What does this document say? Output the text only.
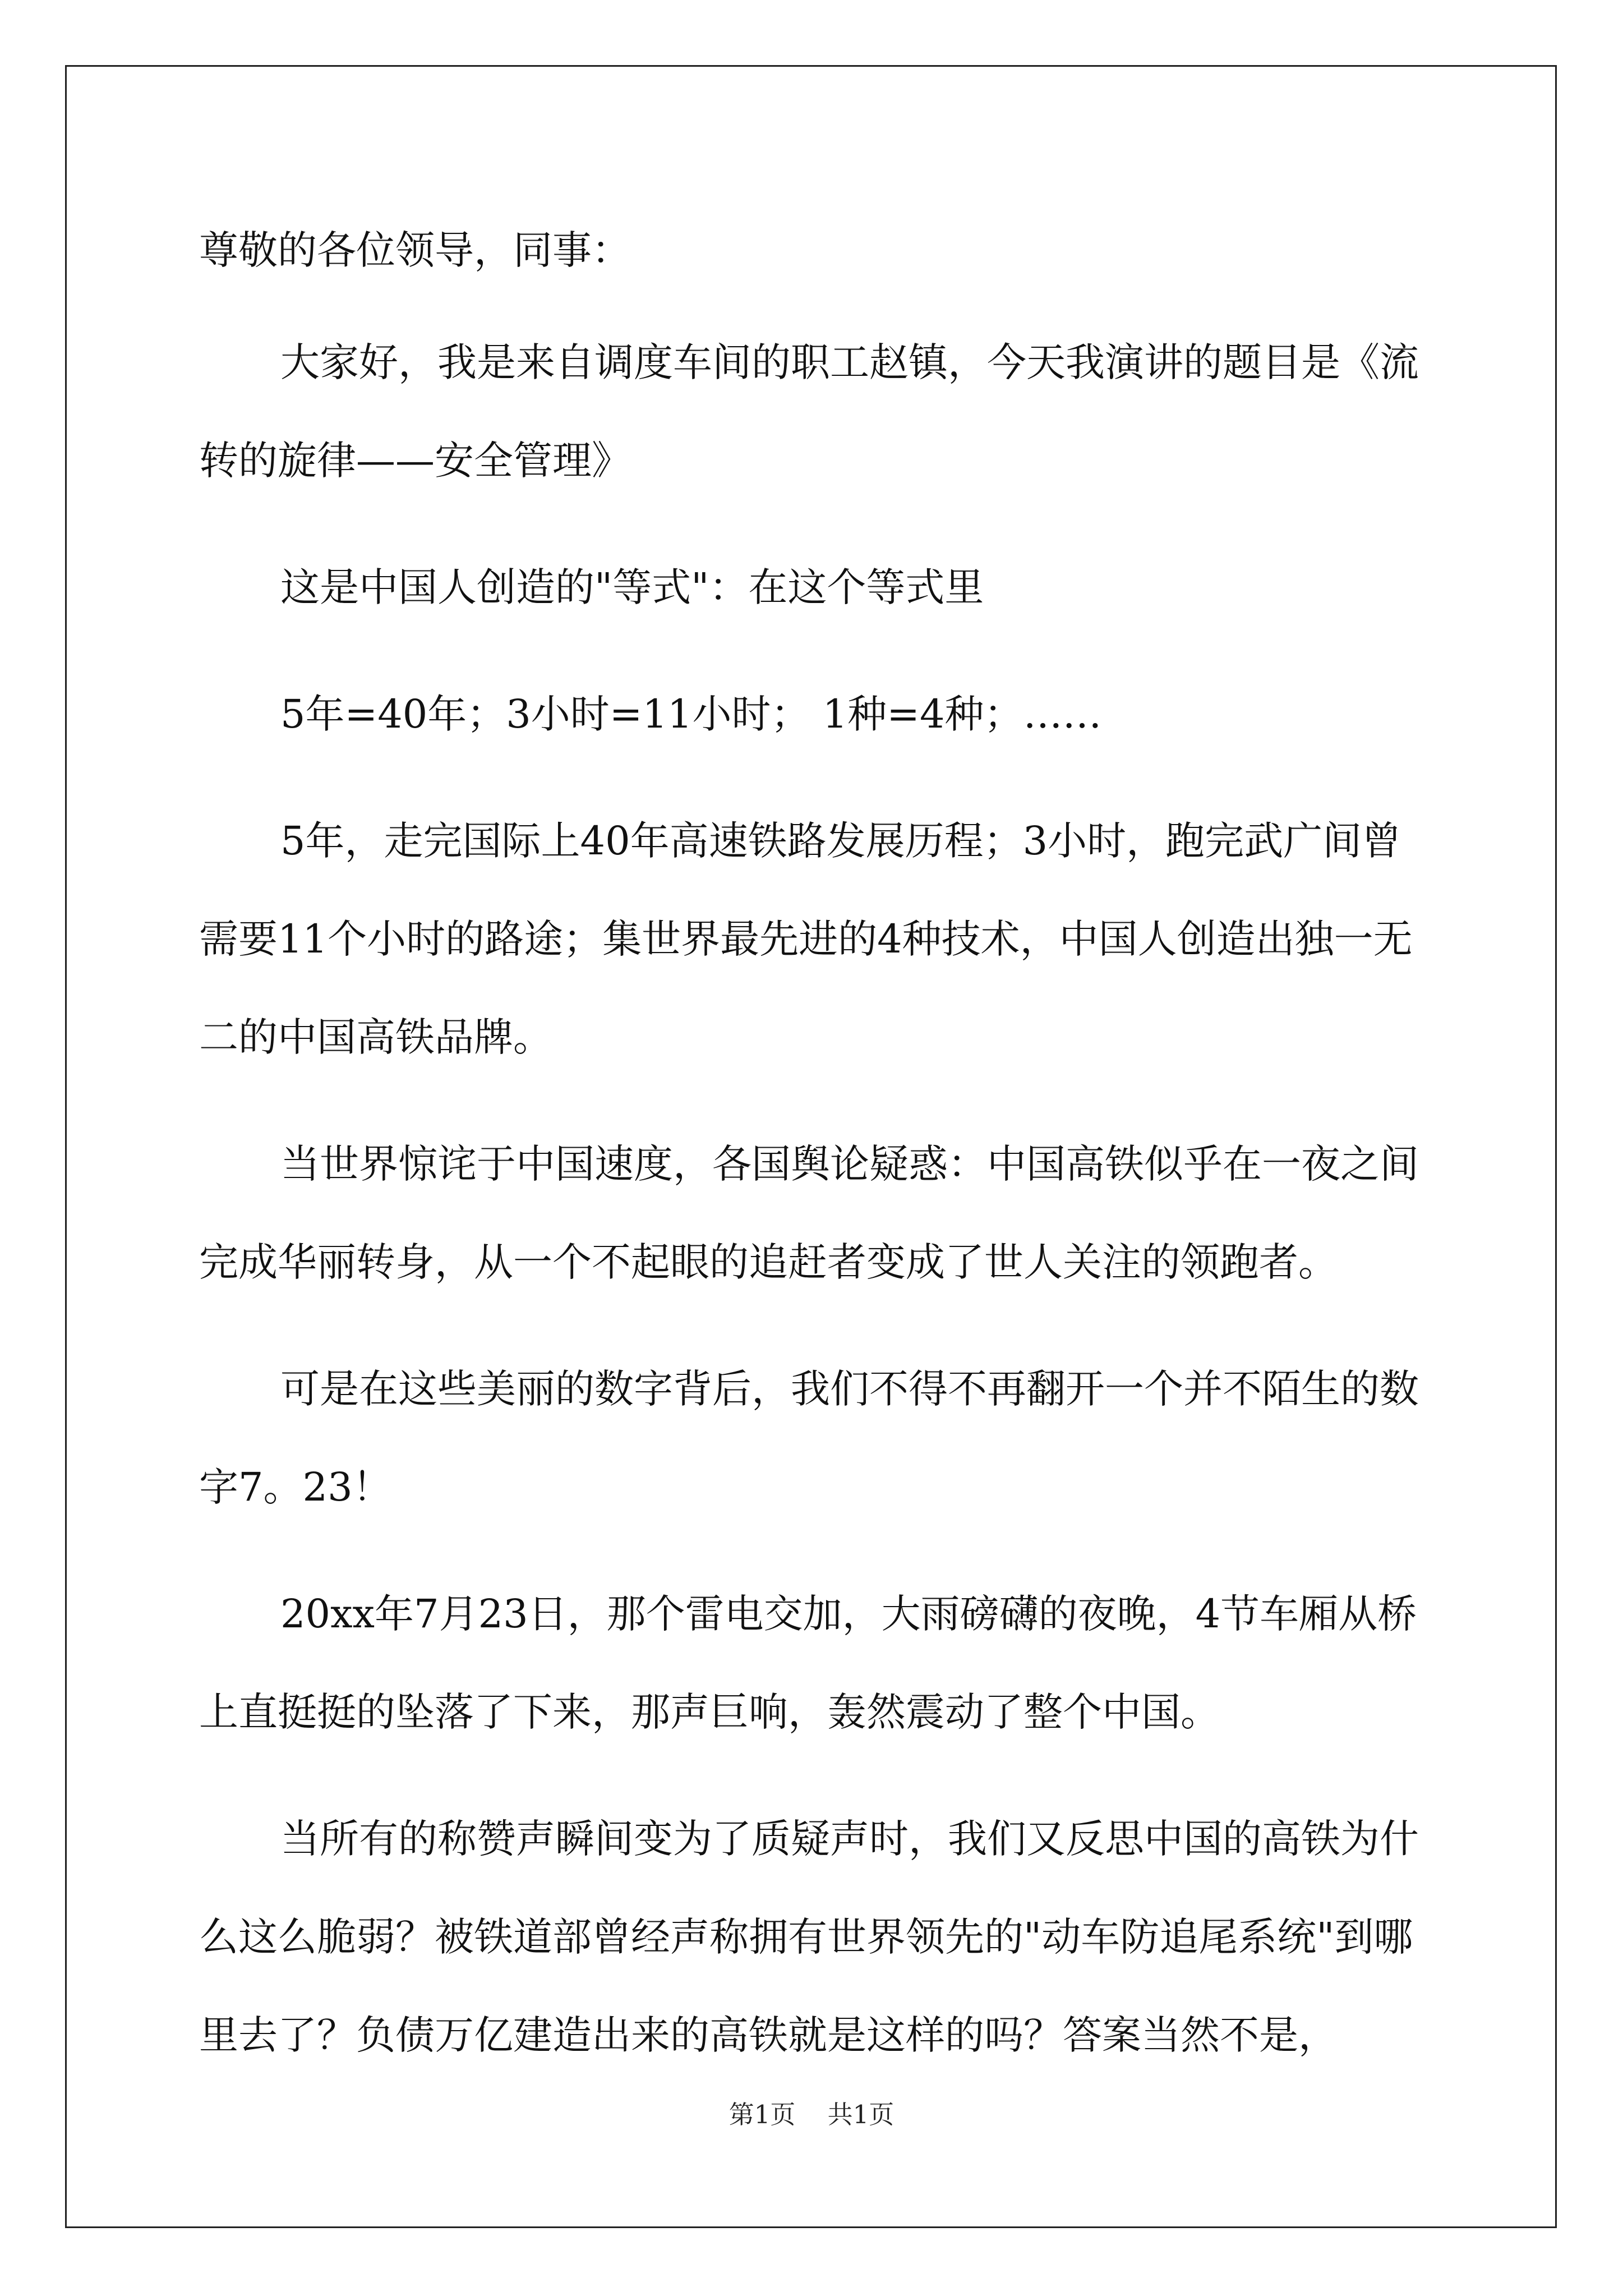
尊敬的各位领导，同事：

大家好，我是来自调度车间的职工赵镇，今天我演讲的题目是《流转的旋律——安全管理》

这是中国人创造的"等式"：在这个等式里

5年=40年；3小时=11小时； 1种=4种；……

5年，走完国际上40年高速铁路发展历程；3小时，跑完武广间曾需要11个小时的路途；集世界最先进的4种技术，中国人创造出独一无二的中国高铁品牌。

当世界惊诧于中国速度，各国舆论疑惑：中国高铁似乎在一夜之间完成华丽转身，从一个不起眼的追赶者变成了世人关注的领跑者。

可是在这些美丽的数字背后，我们不得不再翻开一个并不陌生的数字7。23！

20xx年7月23日，那个雷电交加，大雨磅礴的夜晚，4节车厢从桥上直挺挺的坠落了下来，那声巨响，轰然震动了整个中国。

当所有的称赞声瞬间变为了质疑声时，我们又反思中国的高铁为什么这么脆弱？被铁道部曾经声称拥有世界领先的"动车防追尾系统"到哪里去了？负债万亿建造出来的高铁就是这样的吗？答案当然不是，

第1页 共1页
